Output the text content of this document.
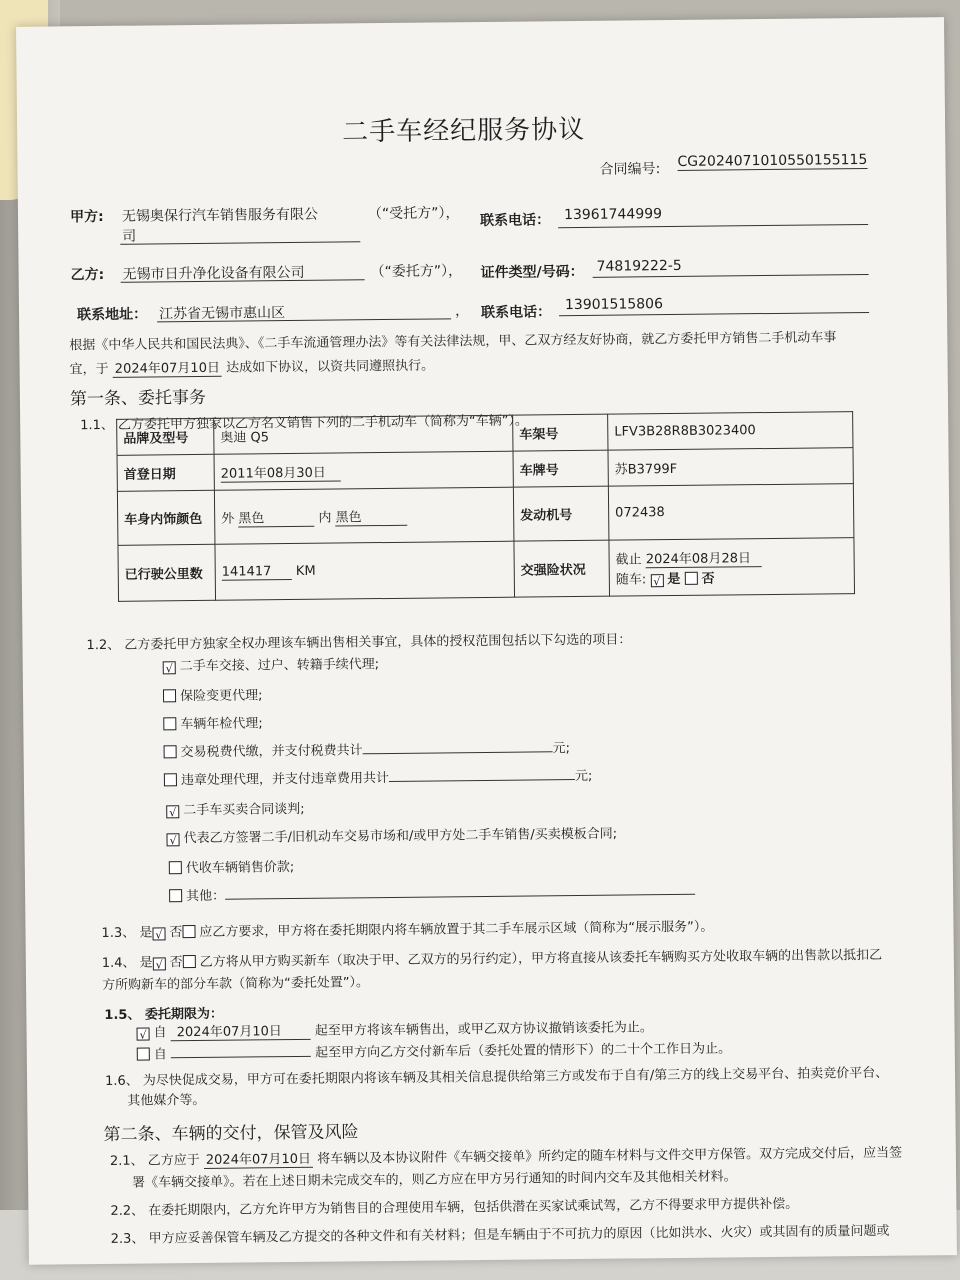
二手车经纪服务协议
合同编号: CG20240710105501551​15
甲方: 无锡奥保行汽车销售服务有限公
司
（“受托方”）， 联系电话： 13961744999
乙方: 无锡市日升净化设备有限公司	（“委托方”）， 证件类型/号码： 74819222-5
联系地址： 江苏省无锡市惠山区	， 联系电话： 13901515806
根据《中华人民共和国民法典》、《二手车流通管理办法》等有关法律法规，甲、乙双方经友好协商，就乙方委托甲方销售二手机动车事
宜，于 2024年07月10日 达成如下协议，以资共同遵照执行。
第一条、委托事务
1.1、 乙方委托甲方独家以乙方名义销售下列的二手机动车（简称为“车辆”）。
品牌及型号	奥迪 Q5	车架号	LFV3B28R8B3023400
首登日期	2011年08月30日	车牌号	苏B3799F
车身内饰颜色	外 黑色 内 黑色	发动机号	072438
已行驶公里数	141417 KM	交强险状况	截止 2024年08月28日
随车: √ 是 否
1.2、 乙方委托甲方独家全权办理该车辆出售相关事宜，具体的授权范围包括以下勾选的项目：
√ 二手车交接、过户、转籍手续代理;
保险变更代理;
车辆年检代理;
交易税费代缴，并支付税费共计	元;
违章处理代理，并支付违章费用共计	元;
√ 二手车买卖合同谈判;
√ 代表乙方签署二手/旧机动车交易市场和/或甲方处二手车销售/买卖模板合同;
代收车辆销售价款;
其他：
1.3、 是 √ 否 应乙方要求，甲方将在委托期限内将车辆放置于其二手车展示区域（简称为“展示服务”）。
1.4、 是 √ 否 乙方将从甲方购买新车（取决于甲、乙双方的另行约定），甲方将直接从该委托车辆购买方处收取车辆的出售款以抵扣乙
方所购新车的部分车款（简称为“委托处置”）。
1.5、 委托期限为：
√ 自 2024年07月10日	起至甲方将该车辆售出，或甲乙双方协议撤销该委托为止。
自	起至甲方向乙方交付新车后（委托处置的情形下）的二十个工作日为止。
1.6、 为尽快促成交易，甲方可在委托期限内将该车辆及其相关信息提供给第三方或发布于自有/第三方的线上交易平台、拍卖竞价平台、
其他媒介等。
第二条、车辆的交付，保管及风险
2.1、 乙方应于 2024年07月10日 将车辆以及本协议附件《车辆交接单》所约定的随车材料与文件交甲方保管。双方完成交付后，应当签
署《车辆交接单》。若在上述日期未完成交车的，则乙方应在甲方另行通知的时间内交车及其他相关材料。
2.2、 在委托期限内，乙方允许甲方为销售目的合理使用车辆，包括供潜在买家试乘试驾，乙方不得要求甲方提供补偿。
2.3、 甲方应妥善保管车辆及乙方提交的各种文件和有关材料；但是车辆由于不可抗力的原因（比如洪水、火灾）或其固有的质量问题或
